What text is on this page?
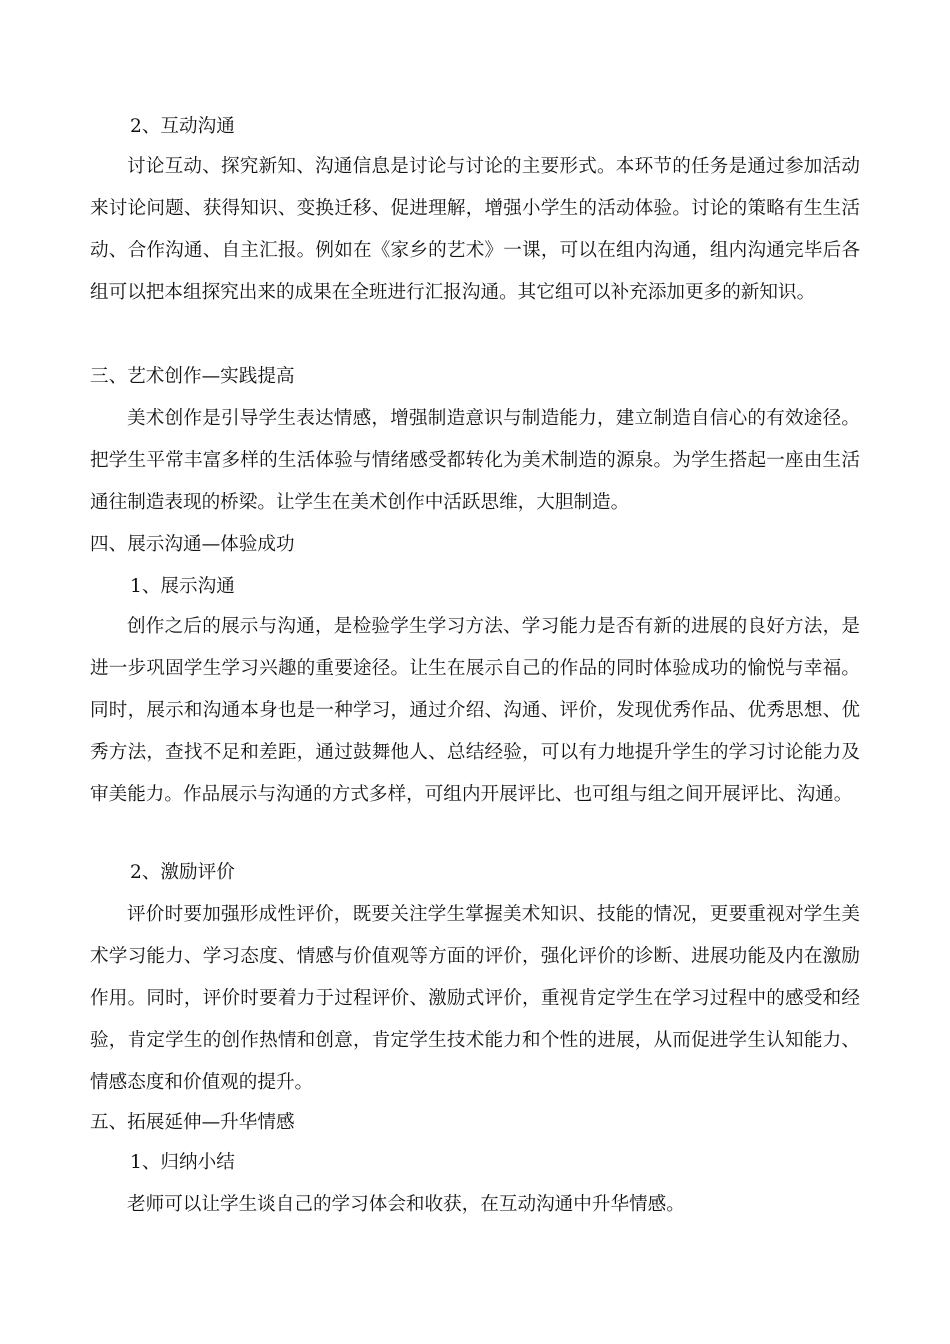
2、互动沟通

讨论互动、探究新知、沟通信息是讨论与讨论的主要形式。本环节的任务是通过参加活动来讨论问题、获得知识、变换迁移、促进理解，增强小学生的活动体验。讨论的策略有生生活动、合作沟通、自主汇报。例如在《家乡的艺术》一课，可以在组内沟通，组内沟通完毕后各组可以把本组探究出来的成果在全班进行汇报沟通。其它组可以补充添加更多的新知识。

三、艺术创作—实践提高

美术创作是引导学生表达情感，增强制造意识与制造能力，建立制造自信心的有效途径。把学生平常丰富多样的生活体验与情绪感受都转化为美术制造的源泉。为学生搭起一座由生活通往制造表现的桥梁。让学生在美术创作中活跃思维，大胆制造。

四、展示沟通—体验成功

1、展示沟通

创作之后的展示与沟通，是检验学生学习方法、学习能力是否有新的进展的良好方法，是进一步巩固学生学习兴趣的重要途径。让生在展示自己的作品的同时体验成功的愉悦与幸福。同时，展示和沟通本身也是一种学习，通过介绍、沟通、评价，发现优秀作品、优秀思想、优秀方法，查找不足和差距，通过鼓舞他人、总结经验，可以有力地提升学生的学习讨论能力及审美能力。作品展示与沟通的方式多样，可组内开展评比、也可组与组之间开展评比、沟通。

2、激励评价

评价时要加强形成性评价，既要关注学生掌握美术知识、技能的情况，更要重视对学生美术学习能力、学习态度、情感与价值观等方面的评价，强化评价的诊断、进展功能及内在激励作用。同时，评价时要着力于过程评价、激励式评价，重视肯定学生在学习过程中的感受和经验，肯定学生的创作热情和创意，肯定学生技术能力和个性的进展，从而促进学生认知能力、情感态度和价值观的提升。

五、拓展延伸—升华情感

1、归纳小结

老师可以让学生谈自己的学习体会和收获，在互动沟通中升华情感。
